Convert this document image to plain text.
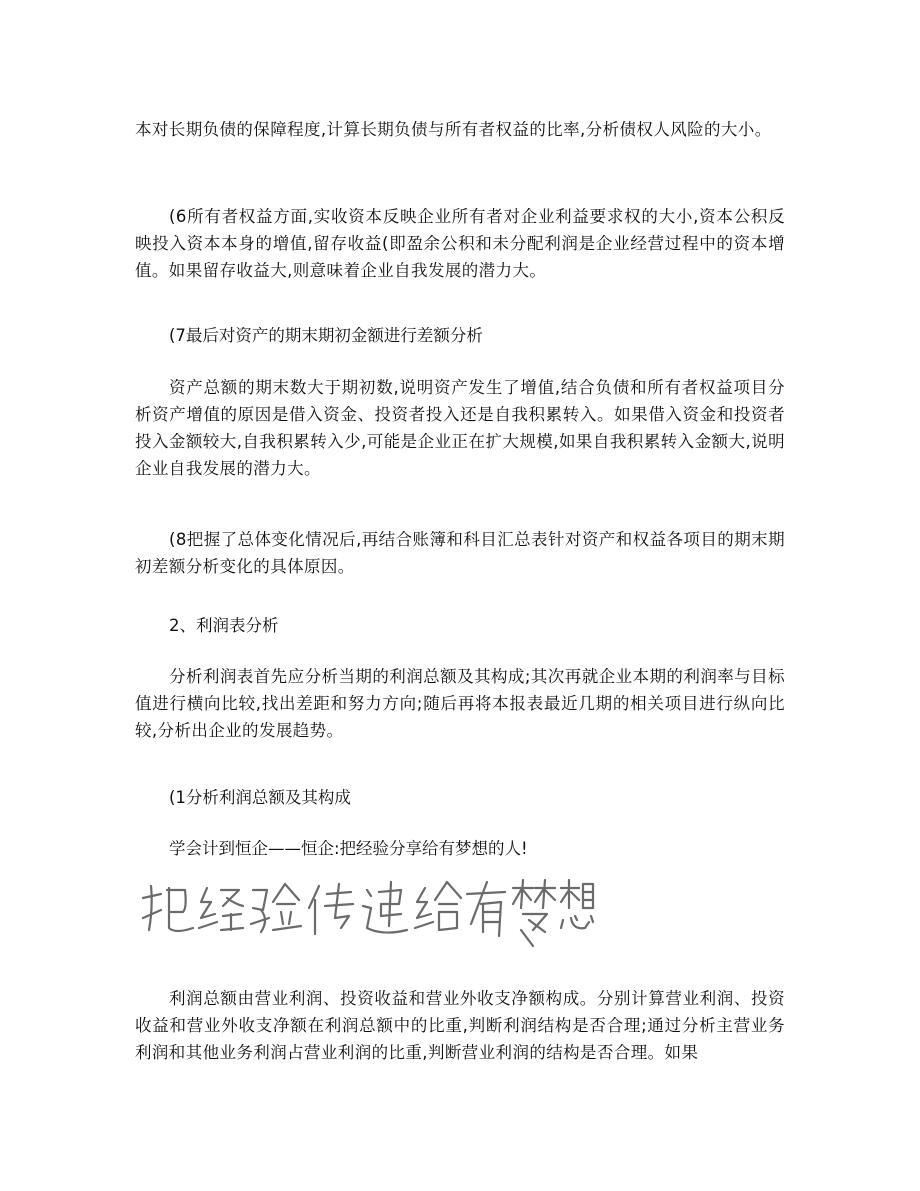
本对长期负债的保障程度,计算长期负债与所有者权益的比率,分析债权人风险的大小。

(6所有者权益方面,实收资本反映企业所有者对企业利益要求权的大小,资本公积反映投入资本本身的增值,留存收益(即盈余公积和未分配利润是企业经营过程中的资本增值。如果留存收益大,则意味着企业自我发展的潜力大。

(7最后对资产的期末期初金额进行差额分析

资产总额的期末数大于期初数,说明资产发生了增值,结合负债和所有者权益项目分析资产增值的原因是借入资金、投资者投入还是自我积累转入。如果借入资金和投资者投入金额较大,自我积累转入少,可能是企业正在扩大规模,如果自我积累转入金额大,说明企业自我发展的潜力大。

(8把握了总体变化情况后,再结合账簿和科目汇总表针对资产和权益各项目的期末期初差额分析变化的具体原因。

2、利润表分析

分析利润表首先应分析当期的利润总额及其构成;其次再就企业本期的利润率与目标值进行横向比较,找出差距和努力方向;随后再将本报表最近几期的相关项目进行纵向比较,分析出企业的发展趋势。

(1分析利润总额及其构成

学会计到恒企——恒企:把经验分享给有梦想的人!

利润总额由营业利润、投资收益和营业外收支净额构成。分别计算营业利润、投资收益和营业外收支净额在利润总额中的比重,判断利润结构是否合理;通过分析主营业务利润和其他业务利润占营业利润的比重,判断营业利润的结构是否合理。如果
